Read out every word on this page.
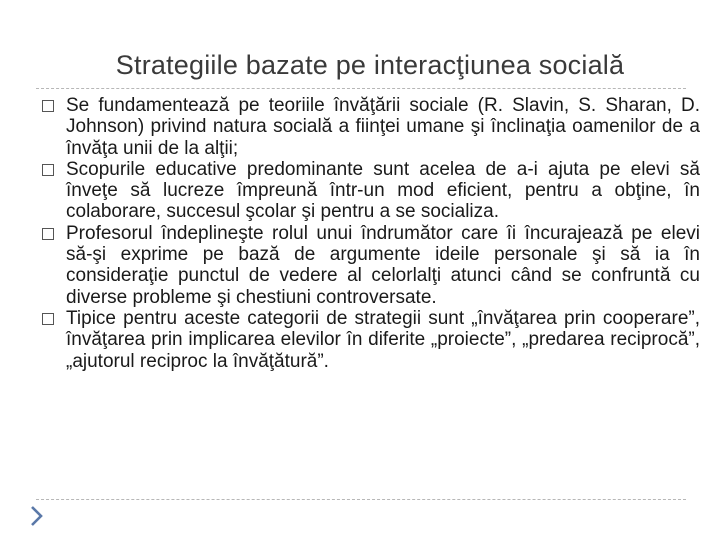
Strategiile bazate pe interacţiunea socială
Se fundamentează pe teoriile învăţării sociale (R. Slavin, S. Sharan, D. Johnson) privind natura socială a fiinţei umane şi înclinaţia oamenilor de a învăţa unii de la alţii;
Scopurile educative predominante sunt acelea de a-i ajuta pe elevi să înveţe să lucreze împreună într-un mod eficient, pentru a obţine, în colaborare, succesul şcolar şi pentru a se socializa.
Profesorul îndeplineşte rolul unui îndrumător care îi încurajează pe elevi să-şi exprime pe bază de argumente ideile personale şi să ia în consideraţie punctul de vedere al celorlalţi atunci când se confruntă cu diverse probleme şi chestiuni controversate.
Tipice pentru aceste categorii de strategii sunt „învăţarea prin cooperare”, învăţarea prin implicarea elevilor în diferite „proiecte”, „predarea reciprocă”, „ajutorul reciproc la învăţătură”.
